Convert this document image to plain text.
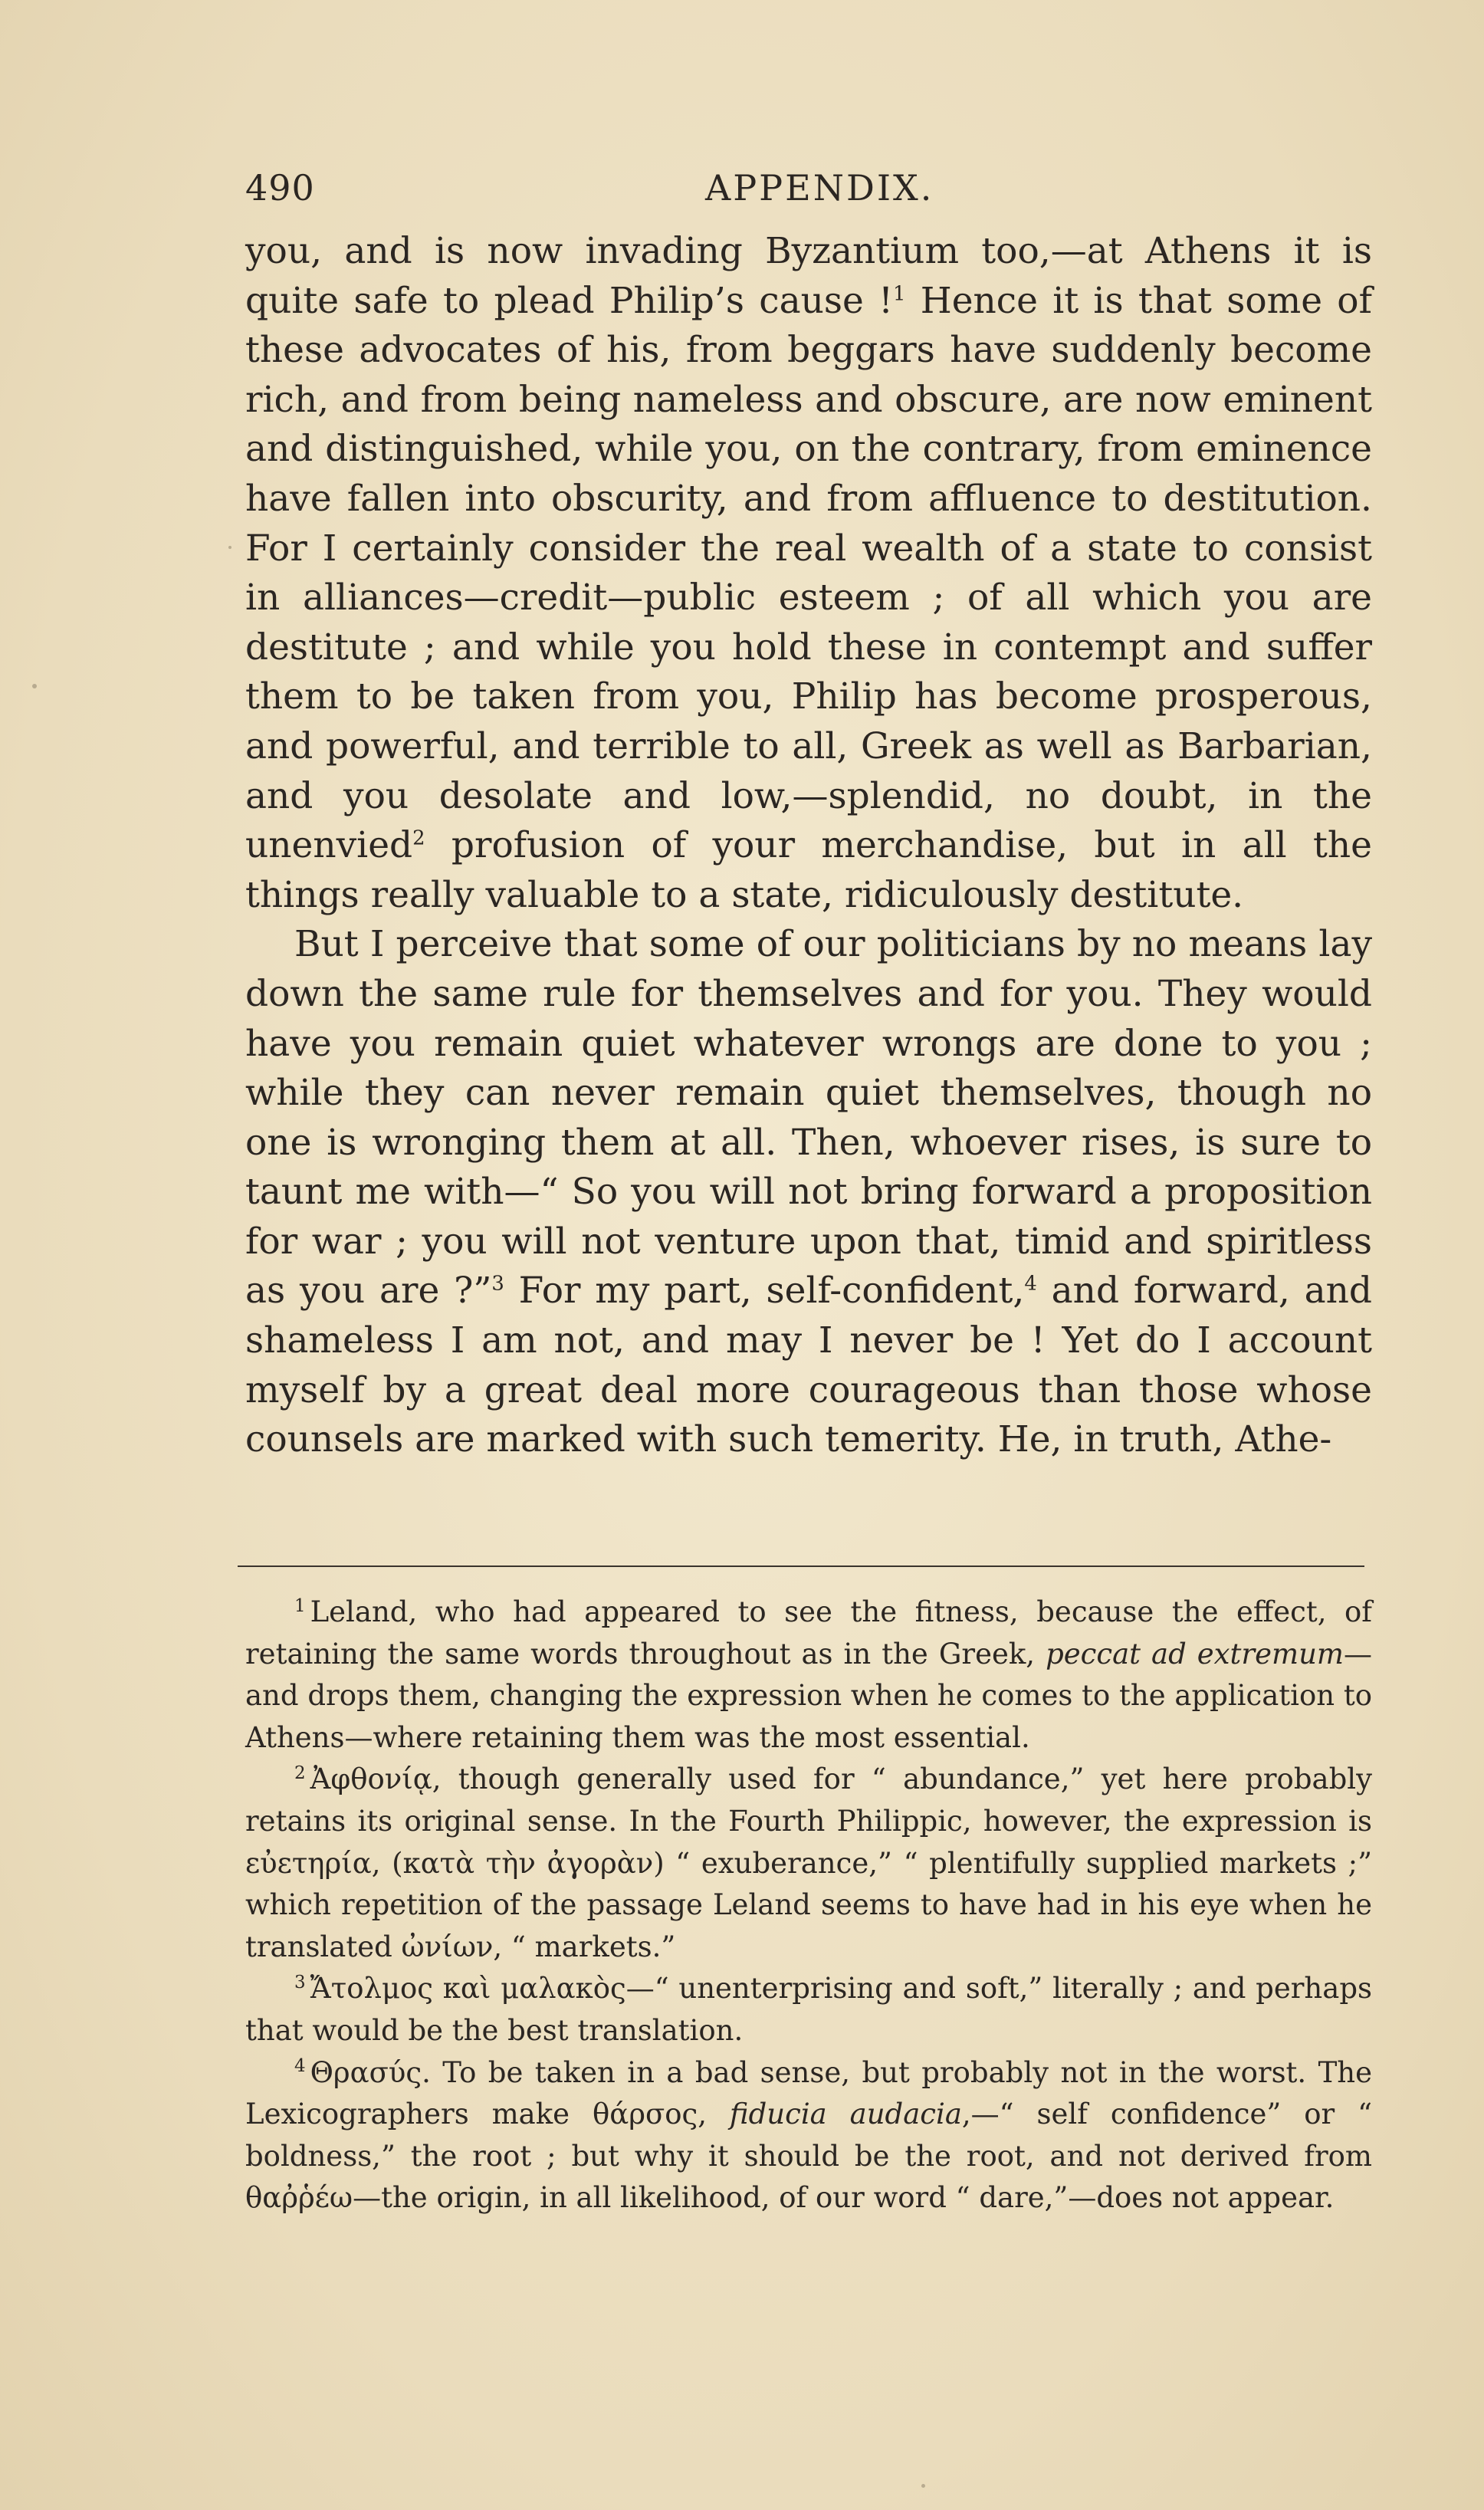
490	APPENDIX.

you, and is now invading Byzantium too,—at Athens it is quite safe to plead Philip’s cause !$^1$ Hence it is that some of these advocates of his, from beggars have suddenly become rich, and from being nameless and obscure, are now eminent and distinguished, while you, on the contrary, from eminence have fallen into obscurity, and from affluence to destitution. For I certainly consider the real wealth of a state to consist in alliances—credit—public esteem ; of all which you are destitute ; and while you hold these in contempt and suffer them to be taken from you, Philip has become prosperous, and powerful, and terrible to all, Greek as well as Barbarian, and you desolate and low,—splendid, no doubt, in the unenvied$^2$ profusion of your merchandise, but in all the things really valuable to a state, ridiculously destitute.

But I perceive that some of our politicians by no means lay down the same rule for themselves and for you. They would have you remain quiet whatever wrongs are done to you ; while they can never remain quiet themselves, though no one is wronging them at all. Then, whoever rises, is sure to taunt me with—“ So you will not bring forward a proposition for war ; you will not venture upon that, timid and spiritless as you are ?”$^3$ For my part, self-confident,$^4$ and forward, and shameless I am not, and may I never be ! Yet do I account myself by a great deal more courageous than those whose counsels are marked with such temerity. He, in truth, Athe-

$^1$ Leland, who had appeared to see the fitness, because the effect, of retaining the same words throughout as in the Greek, peccat ad extremum—and drops them, changing the expression when he comes to the application to Athens—where retaining them was the most essential.

$^2$ Ἀφθονίᾳ, though generally used for “ abundance,” yet here probably retains its original sense. In the Fourth Philippic, however, the expression is εὐετηρία, (κατὰ τὴν ἀγορὰν) “ exuberance,” “ plentifully supplied markets ;” which repetition of the passage Leland seems to have had in his eye when he translated ὠνίων, “ markets.”

$^3$ Ἄτολμος καὶ μαλακὸς—“ unenterprising and soft,” literally ; and perhaps that would be the best translation.

$^4$ Θρασύς. To be taken in a bad sense, but probably not in the worst. The Lexicographers make θάρσος, fiducia audacia,—“ self confidence” or “ boldness,” the root ; but why it should be the root, and not derived from θαῤῥέω—the origin, in all likelihood, of our word “ dare,”—does not appear.
